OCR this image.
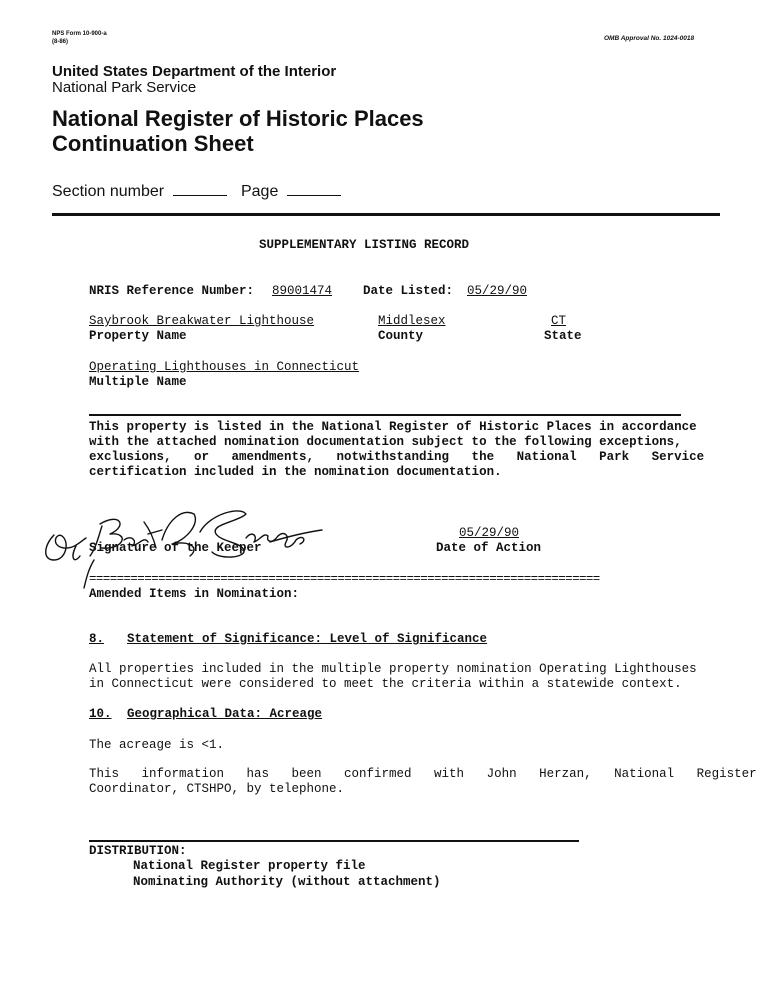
NPS Form 10-900-a
(8-86)	OMB Approval No. 1024-0018
United States Department of the Interior
National Park Service
National Register of Historic Places
Continuation Sheet
Section number	Page
SUPPLEMENTARY LISTING RECORD
NRIS Reference Number: 89001474 Date Listed: 05/29/90
Saybrook Breakwater Lighthouse
Property Name
Middlesex
County
CT
State
Operating Lighthouses in Connecticut
Multiple Name
This property is listed in the National Register of Historic Places in accordance
with the attached nomination documentation subject to the following exceptions,
exclusions,   or   amendments,   notwithstanding   the   National   Park   Service
certification included in the nomination documentation.
Signature of the Keeper
05/29/90
Date of Action
==========================================================================
Amended Items in Nomination:
8. Statement of Significance: Level of Significance
All properties included in the multiple property nomination Operating Lighthouses
in Connecticut were considered to meet the criteria within a statewide context.
10. Geographical Data: Acreage
The acreage is <1.
This   information   has   been   confirmed   with   John   Herzan,   National   Register
Coordinator, CTSHPO, by telephone.
DISTRIBUTION:
National Register property file
Nominating Authority (without attachment)
